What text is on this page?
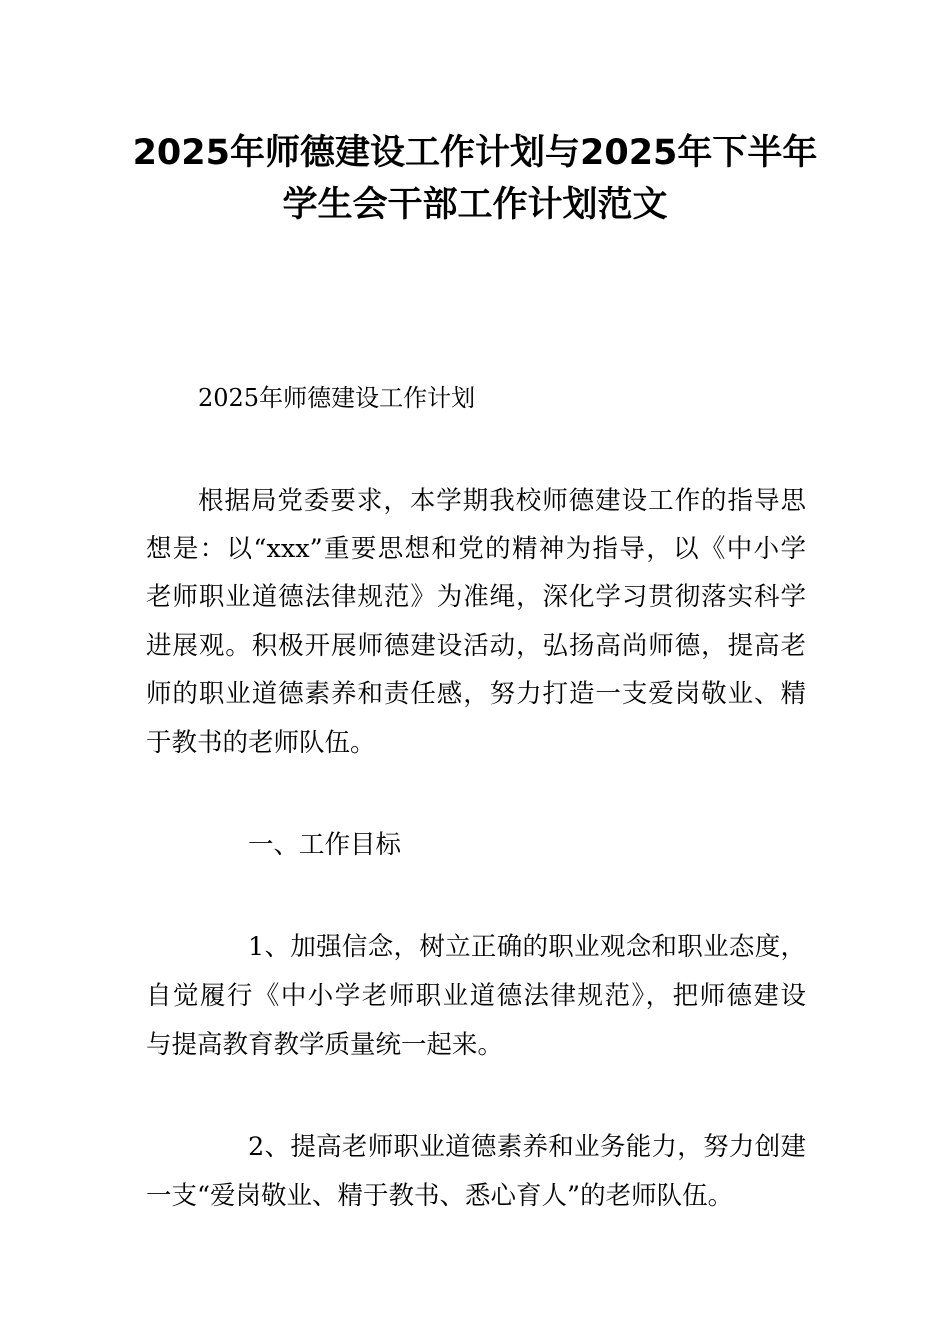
2025年师德建设工作计划与2025年下半年
学生会干部工作计划范文
2025年师德建设工作计划
根据局党委要求，本学期我校师德建设工作的指导思
想是：以“xxx”重要思想和党的精神为指导，以《中小学
老师职业道德法律规范》为准绳，深化学习贯彻落实科学
进展观。积极开展师德建设活动，弘扬高尚师德，提高老
师的职业道德素养和责任感，努力打造一支爱岗敬业、精
于教书的老师队伍。
一、工作目标
1、加强信念，树立正确的职业观念和职业态度，
自觉履行《中小学老师职业道德法律规范》，把师德建设
与提高教育教学质量统一起来。
2、提高老师职业道德素养和业务能力，努力创建
一支“爱岗敬业、精于教书、悉心育人”的老师队伍。
